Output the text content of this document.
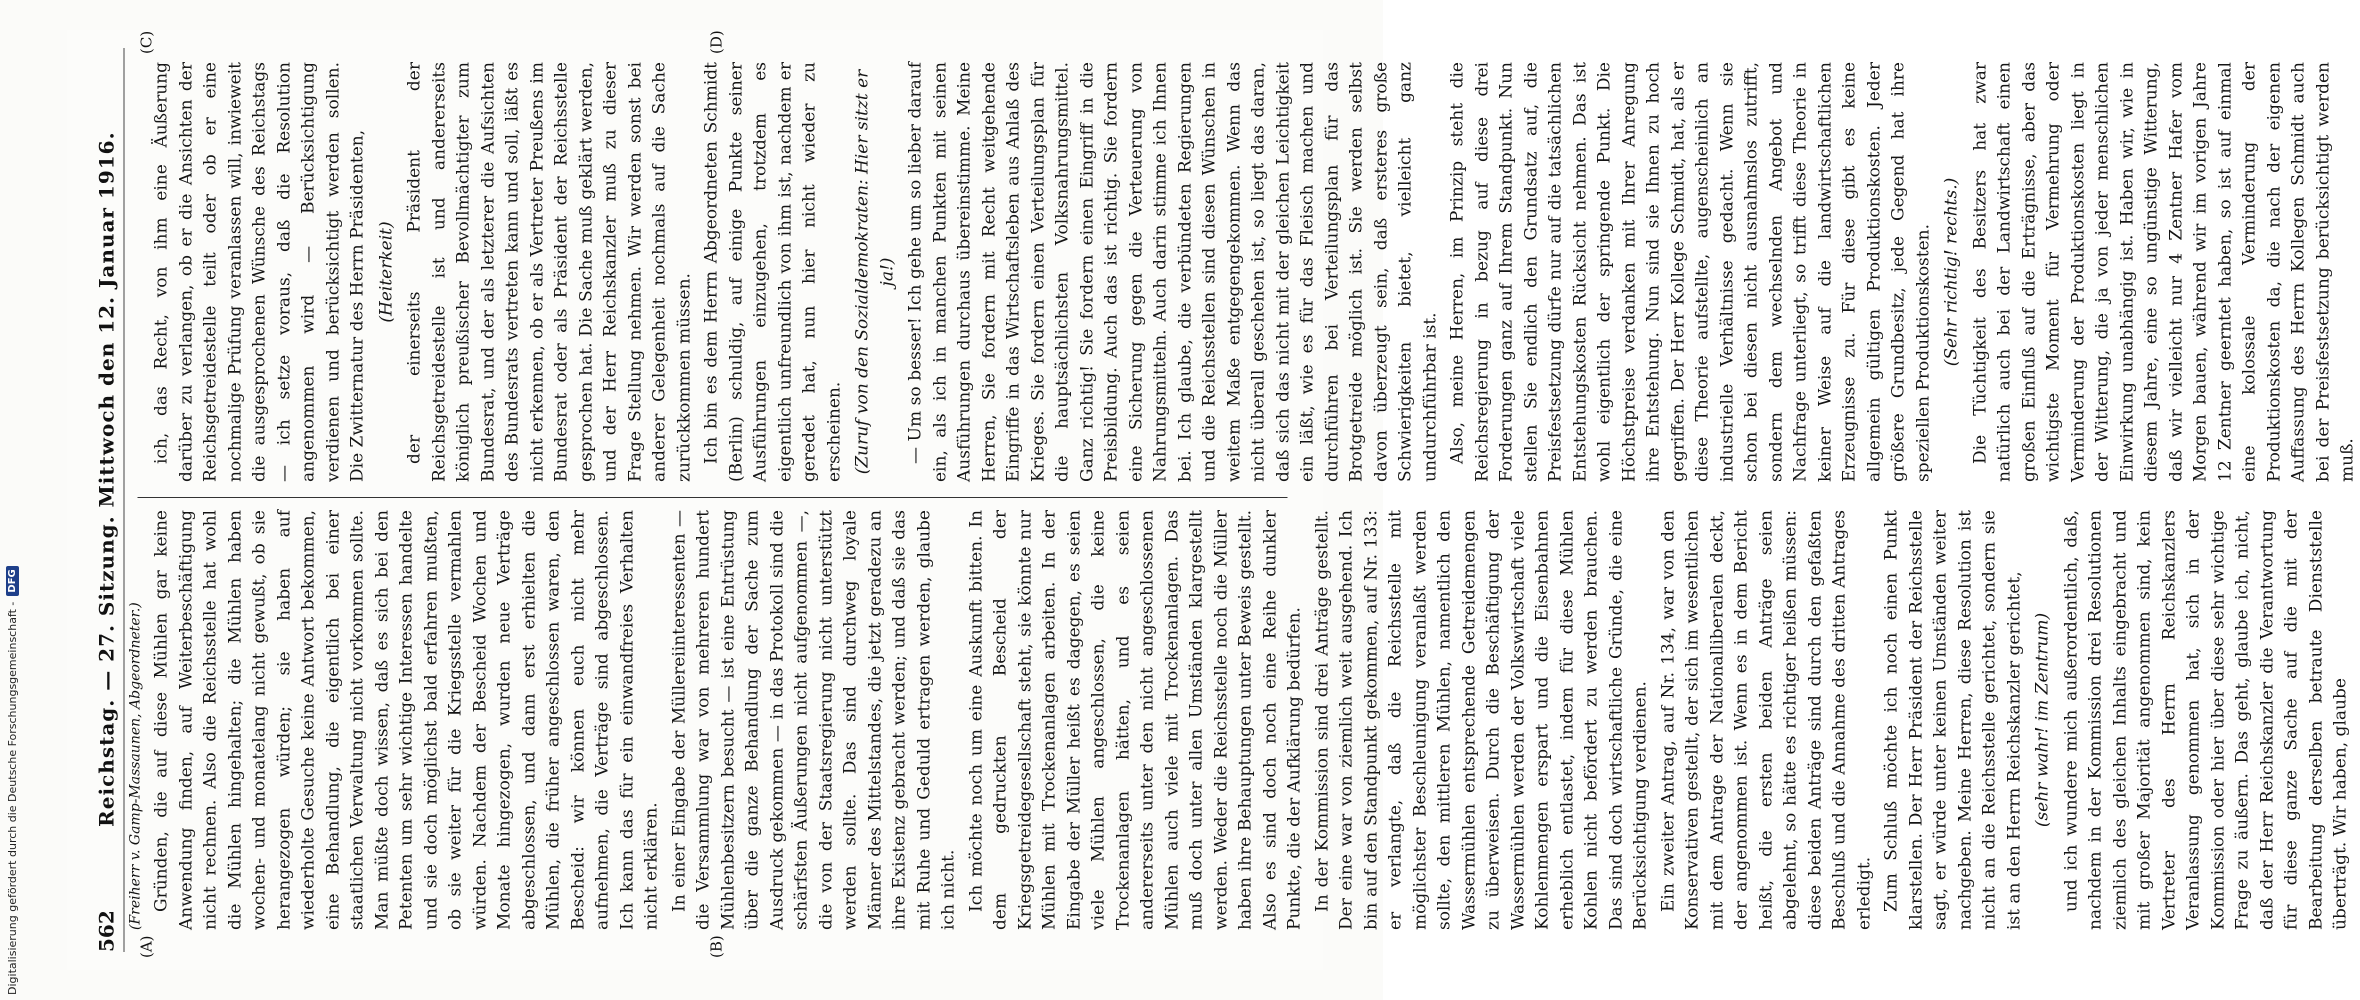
562
Reichstag. — 27. Sitzung. Mittwoch den 12. Januar 1916.
(A)	(B)
(C)	(D)
(Freiherr v. Gamp-Massaunen, Abgeordneter.) Gründen, die auf diese Mühlen gar keine Anwendung finden, auf Weiterbeschäftigung nicht rechnen. Also die Reichsstelle hat wohl die Mühlen hingehalten; die Mühlen haben wochen- und monatelang nicht gewußt, ob sie herangezogen würden; sie haben auf wiederholte Gesuche keine Antwort bekommen, eine Behandlung, die eigentlich bei einer staatlichen Verwaltung nicht vorkommen sollte. Man müßte doch wissen, daß es sich bei den Petenten um sehr wichtige Interessen handelte und sie doch möglichst bald erfahren mußten, ob sie weiter für die Kriegsstelle vermahlen würden. Nachdem der Bescheid Wochen und Monate hingezogen, wurden neue Verträge abgeschlossen, und dann erst erhielten die Mühlen, die früher angeschlossen waren, den Bescheid: wir können euch nicht mehr aufnehmen, die Verträge sind abgeschlossen. Ich kann das für ein einwandfreies Verhalten nicht erklären. In einer Eingabe der Müllereiinteressenten — die Versammlung war von mehreren hundert Mühlenbesitzern besucht — ist eine Entrüstung über die ganze Behandlung der Sache zum Ausdruck gekommen — in das Protokoll sind die schärfsten Äußerungen nicht aufgenommen —, die von der Staatsregierung nicht unterstützt werden sollte. Das sind durchweg loyale Männer des Mittelstandes, die jetzt geradezu an ihre Existenz gebracht werden; und daß sie das mit Ruhe und Geduld ertragen werden, glaube ich nicht. Ich möchte noch um eine Auskunft bitten. In dem gedruckten Bescheid der Kriegsgetreidegesellschaft steht, sie könnte nur Mühlen mit Trockenanlagen arbeiten. In der Eingabe der Müller heißt es dagegen, es seien viele Mühlen angeschlossen, die keine Trockenanlagen hätten, und es seien andererseits unter den nicht angeschlossenen Mühlen auch viele mit Trockenanlagen. Das muß doch unter allen Umständen klargestellt werden. Weder die Reichsstelle noch die Müller haben ihre Behauptungen unter Beweis gestellt. Also es sind doch noch eine Reihe dunkler Punkte, die der Aufklärung bedürfen. In der Kommission sind drei Anträge gestellt. Der eine war von ziemlich weit ausgehend. Ich bin auf den Standpunkt gekommen, auf Nr. 133: er verlangte, daß die Reichsstelle mit möglichster Beschleunigung veranlaßt werden sollte, den mittleren Mühlen, namentlich den Wassermühlen entsprechende Getreidemengen zu überweisen. Durch die Beschäftigung der Wassermühlen werden der Volkswirtschaft viele Kohlenmengen erspart und die Eisenbahnen erheblich entlastet, indem für diese Mühlen Kohlen nicht befördert zu werden brauchen. Das sind doch wirtschaftliche Gründe, die eine Berücksichtigung verdienen. Ein zweiter Antrag, auf Nr. 134, war von den Konservativen gestellt, der sich im wesentlichen mit dem Antrage der Nationalliberalen deckt, der angenommen ist. Wenn es in dem Bericht heißt, die ersten beiden Anträge seien abgelehnt, so hätte es richtiger heißen müssen: diese beiden Anträge sind durch den gefaßten Beschluß und die Annahme des dritten Antrages erledigt. Zum Schluß möchte ich noch einen Punkt klarstellen. Der Herr Präsident der Reichsstelle sagt, er würde unter keinen Umständen weiter nachgeben. Meine Herren, diese Resolution ist nicht an die Reichsstelle gerichtet, sondern sie ist an den Herrn Reichskanzler gerichtet, (sehr wahr! im Zentrum) und ich wundere mich außerordentlich, daß, nachdem in der Kommission drei Resolutionen ziemlich des gleichen Inhalts eingebracht und mit großer Majorität angenommen sind, kein Vertreter des Herrn Reichskanzlers Veranlassung genommen hat, sich in der Kommission oder hier über diese sehr wichtige Frage zu äußern. Das geht, glaube ich, nicht, daß der Herr Reichskanzler die Verantwortung für diese ganze Sache auf die mit der Bearbeitung derselben betraute Dienststelle überträgt. Wir haben, glaube

ich, das Recht, von ihm eine Äußerung darüber zu verlangen, ob er die Ansichten der Reichsgetreidestelle teilt oder ob er eine nochmalige Prüfung veranlassen will, inwieweit die ausgesprochenen Wünsche des Reichstags — ich setze voraus, daß die Resolution angenommen wird — Berücksichtigung verdienen und berücksichtigt werden sollen. Die Zwitternatur des Herrn Präsidenten, (Heiterkeit) der einerseits Präsident der Reichsgetreidestelle ist und andererseits königlich preußischer Bevollmächtigter zum Bundesrat, und der als letzterer die Aufsichten des Bundesrats vertreten kann und soll, läßt es nicht erkennen, ob er als Vertreter Preußens im Bundesrat oder als Präsident der Reichsstelle gesprochen hat. Die Sache muß geklärt werden, und der Herr Reichskanzler muß zu dieser Frage Stellung nehmen. Wir werden sonst bei anderer Gelegenheit nochmals auf die Sache zurückkommen müssen. Ich bin es dem Herrn Abgeordneten Schmidt (Berlin) schuldig, auf einige Punkte seiner Ausführungen einzugehen, trotzdem es eigentlich unfreundlich von ihm ist, nachdem er geredet hat, nun hier nicht wieder zu erscheinen. (Zuruf von den Sozialdemokraten: Hier sitzt er ja!) — Um so besser! Ich gehe um so lieber darauf ein, als ich in manchen Punkten mit seinen Ausführungen durchaus übereinstimme. Meine Herren, Sie fordern mit Recht weitgehende Eingriffe in das Wirtschaftsleben aus Anlaß des Krieges. Sie fordern einen Verteilungsplan für die hauptsächlichsten Volksnahrungsmittel. Ganz richtig! Sie fordern einen Eingriff in die Preisbildung. Auch das ist richtig. Sie fordern eine Sicherung gegen die Verteuerung von Nahrungsmitteln. Auch darin stimme ich Ihnen bei. Ich glaube, die verbündeten Regierungen und die Reichsstellen sind diesen Wünschen in weitem Maße entgegengekommen. Wenn das nicht überall geschehen ist, so liegt das daran, daß sich das nicht mit der gleichen Leichtigkeit ein läßt, wie es für das Fleisch machen und durchführen bei Verteilungsplan für das Brotgetreide möglich ist. Sie werden selbst davon überzeugt sein, daß ersteres große Schwierigkeiten bietet, vielleicht ganz undurchführbar ist. Also, meine Herren, im Prinzip steht die Reichsregierung in bezug auf diese drei Forderungen ganz auf Ihrem Standpunkt. Nun stellen Sie endlich den Grundsatz auf, die Preisfestsetzung dürfe nur auf die tatsächlichen Entstehungskosten Rücksicht nehmen. Das ist wohl eigentlich der springende Punkt. Die Höchstpreise verdanken mit Ihrer Anregung ihre Entstehung. Nun sind sie Ihnen zu hoch gegriffen. Der Herr Kollege Schmidt, hat, als er diese Theorie aufstellte, augenscheinlich an industrielle Verhältnisse gedacht. Wenn sie schon bei diesen nicht ausnahmslos zutrifft, sondern dem wechselnden Angebot und Nachfrage unterliegt, so trifft diese Theorie in keiner Weise auf die landwirtschaftlichen Erzeugnisse zu. Für diese gibt es keine allgemein gültigen Produktionskosten. Jeder größere Grundbesitz, jede Gegend hat ihre speziellen Produktionskosten. (Sehr richtig! rechts.) Die Tüchtigkeit des Besitzers hat zwar natürlich auch bei der Landwirtschaft einen großen Einfluß auf die Erträgnisse, aber das wichtigste Moment für Vermehrung oder Verminderung der Produktionskosten liegt in der Witterung, die ja von jeder menschlichen Einwirkung unabhängig ist. Haben wir, wie in diesem Jahre, eine so ungünstige Witterung, daß wir vielleicht nur 4 Zentner Hafer vom Morgen bauen, während wir im vorigen Jahre 12 Zentner geerntet haben, so ist auf einmal eine kolossale Verminderung der Produktionskosten da, die nach der eigenen Auffassung des Herrn Kollegen Schmidt auch bei der Preisfestsetzung berücksichtigt werden muß.

Digitalisierung gefördert durch die Deutsche Forschungsgemeinschaft -
DFG
